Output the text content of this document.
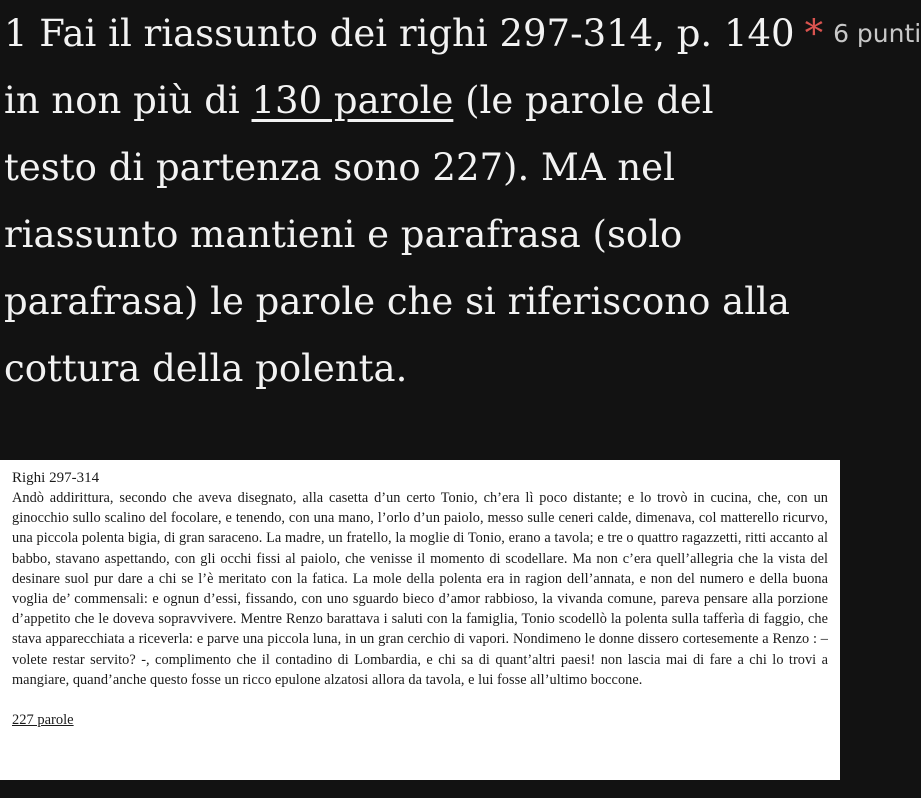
1 Fai il riassunto dei righi 297-314, p. 140 * 6 punti
in non più di 130 parole (le parole del
testo di partenza sono 227). MA nel
riassunto mantieni e parafrasa (solo
parafrasa) le parole che si riferiscono alla
cottura della polenta.

Righi 297-314

Andò addirittura, secondo che aveva disegnato, alla casetta d’un certo Tonio, ch’era lì poco distante; e lo trovò in cucina, che, con un ginocchio sullo scalino del focolare, e tenendo, con una mano, l’orlo d’un paiolo, messo sulle ceneri calde, dimenava, col matterello ricurvo, una piccola polenta bigia, di gran saraceno. La madre, un fratello, la moglie di Tonio, erano a tavola; e tre o quattro ragazzetti, ritti accanto al babbo, stavano aspettando, con gli occhi fissi al paiolo, che venisse il momento di scodellare. Ma non c’era quell’allegria che la vista del desinare suol pur dare a chi se l’è meritato con la fatica. La mole della polenta era in ragion dell’annata, e non del numero e della buona voglia de’ commensali: e ognun d’essi, fissando, con uno sguardo bieco d’amor rabbioso, la vivanda comune, pareva pensare alla porzione d’appetito che le doveva sopravvivere. Mentre Renzo barattava i saluti con la famiglia, Tonio scodellò la polenta sulla tafferìa di faggio, che stava apparecchiata a riceverla: e parve una piccola luna, in un gran cerchio di vapori. Nondimeno le donne dissero cortesemente a Renzo : – volete restar servito? -, complimento che il contadino di Lombardia, e chi sa di quant’altri paesi! non lascia mai di fare a chi lo trovi a mangiare, quand’anche questo fosse un ricco epulone alzatosi allora da tavola, e lui fosse all’ultimo boccone.

227 parole
